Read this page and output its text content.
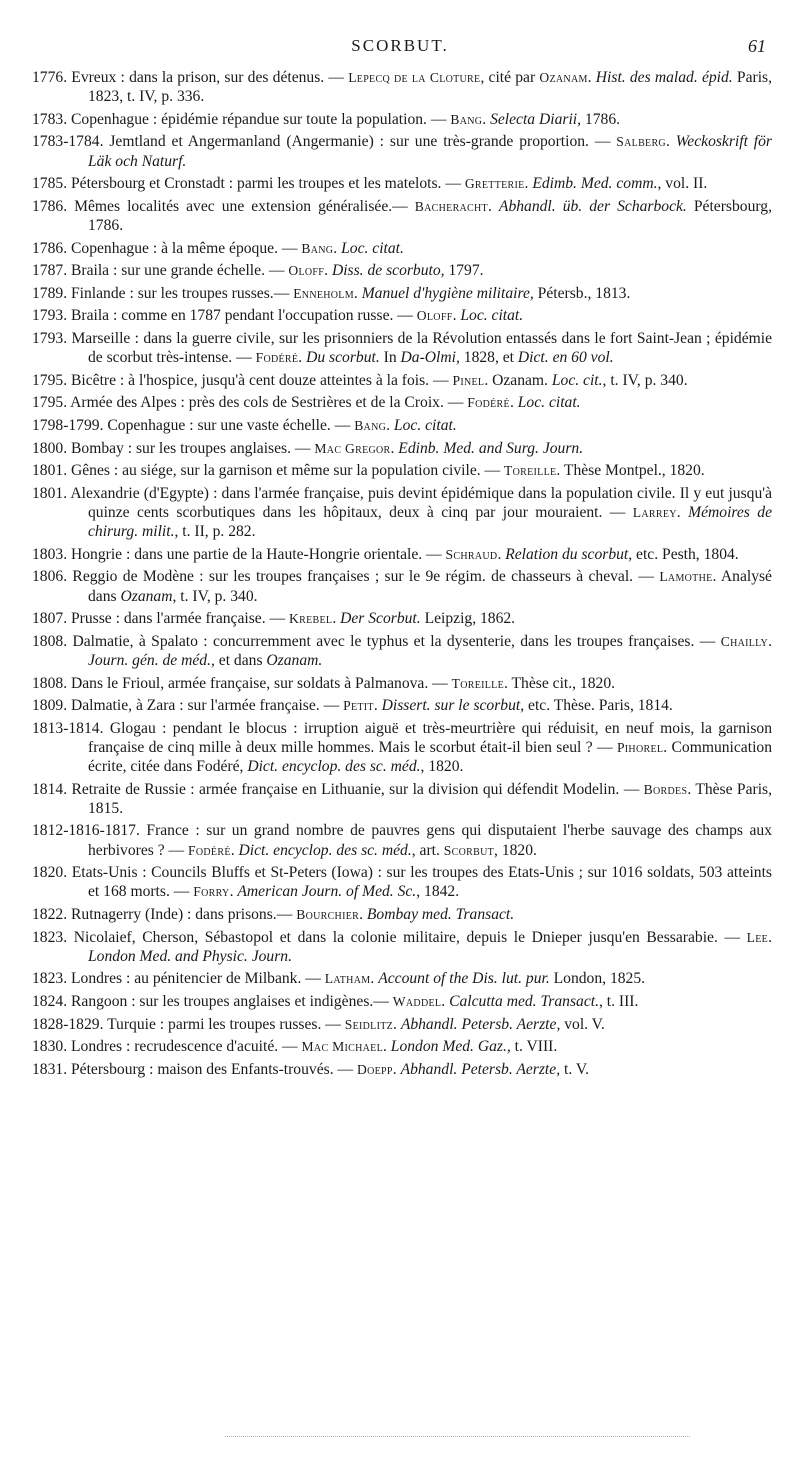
SCORBUT.	61

1776. Evreux : dans la prison, sur des détenus. — Lepecq de la Cloture, cité par Ozanam. Hist. des malad. épid. Paris, 1823, t. IV, p. 336.

1783. Copenhague : épidémie répandue sur toute la population. — Bang. Selecta Diarii, 1786.

1783-1784. Jemtland et Angermanland (Angermanie) : sur une très-grande proportion. — Salberg. Weckoskrift för Läk och Naturf.

1785. Pétersbourg et Cronstadt : parmi les troupes et les matelots. — Gretterie. Edimb. Med. comm., vol. II.

1786. Mêmes localités avec une extension généralisée.— Bacheracht. Abhandl. üb. der Scharbock. Pétersbourg, 1786.

1786. Copenhague : à la même époque. — Bang. Loc. citat.

1787. Braila : sur une grande échelle. — Oloff. Diss. de scorbuto, 1797.

1789. Finlande : sur les troupes russes.— Enneholm. Manuel d'hygiène militaire, Pétersb., 1813.

1793. Braila : comme en 1787 pendant l'occupation russe. — Oloff. Loc. citat.

1793. Marseille : dans la guerre civile, sur les prisonniers de la Révolution entassés dans le fort Saint-Jean ; épidémie de scorbut très-intense. — Fodéré. Du scorbut. In Da-Olmi, 1828, et Dict. en 60 vol.

1795. Bicêtre : à l'hospice, jusqu'à cent douze atteintes à la fois. — Pinel. Ozanam. Loc. cit., t. IV, p. 340.

1795. Armée des Alpes : près des cols de Sestrières et de la Croix. — Fodéré. Loc. citat.

1798-1799. Copenhague : sur une vaste échelle. — Bang. Loc. citat.

1800. Bombay : sur les troupes anglaises. — Mac Gregor. Edinb. Med. and Surg. Journ.

1801. Gênes : au siége, sur la garnison et même sur la population civile. — Toreille. Thèse Montpel., 1820.

1801. Alexandrie (d'Egypte) : dans l'armée française, puis devint épidémique dans la population civile. Il y eut jusqu'à quinze cents scorbutiques dans les hôpitaux, deux à cinq par jour mouraient. — Larrey. Mémoires de chirurg. milit., t. II, p. 282.

1803. Hongrie : dans une partie de la Haute-Hongrie orientale. — Schraud. Relation du scorbut, etc. Pesth, 1804.

1806. Reggio de Modène : sur les troupes françaises ; sur le 9e régim. de chasseurs à cheval. — Lamothe. Analysé dans Ozanam, t. IV, p. 340.

1807. Prusse : dans l'armée française. — Krebel. Der Scorbut. Leipzig, 1862.

1808. Dalmatie, à Spalato : concurremment avec le typhus et la dysenterie, dans les troupes françaises. — Chailly. Journ. gén. de méd., et dans Ozanam.

1808. Dans le Frioul, armée française, sur soldats à Palmanova. — Toreille. Thèse cit., 1820.

1809. Dalmatie, à Zara : sur l'armée française. — Petit. Dissert. sur le scorbut, etc. Thèse. Paris, 1814.

1813-1814. Glogau : pendant le blocus : irruption aiguë et très-meurtrière qui réduisit, en neuf mois, la garnison française de cinq mille à deux mille hommes. Mais le scorbut était-il bien seul ? — Pihorel. Communication écrite, citée dans Fodéré, Dict. encyclop. des sc. méd., 1820.

1814. Retraite de Russie : armée française en Lithuanie, sur la division qui défendit Modelin. — Bordes. Thèse Paris, 1815.

1812-1816-1817. France : sur un grand nombre de pauvres gens qui disputaient l'herbe sauvage des champs aux herbivores ? — Fodéré. Dict. encyclop. des sc. méd., art. Scorbut, 1820.

1820. Etats-Unis : Councils Bluffs et St-Peters (Iowa) : sur les troupes des Etats-Unis ; sur 1016 soldats, 503 atteints et 168 morts. — Forry. American Journ. of Med. Sc., 1842.

1822. Rutnagerry (Inde) : dans prisons.— Bourchier. Bombay med. Transact.

1823. Nicolaief, Cherson, Sébastopol et dans la colonie militaire, depuis le Dnieper jusqu'en Bessarabie. — Lee. London Med. and Physic. Journ.

1823. Londres : au pénitencier de Milbank. — Latham. Account of the Dis. lut. pur. London, 1825.

1824. Rangoon : sur les troupes anglaises et indigènes.— Waddel. Calcutta med. Transact., t. III.

1828-1829. Turquie : parmi les troupes russes. — Seidlitz. Abhandl. Petersb. Aerzte, vol. V.

1830. Londres : recrudescence d'acuité. — Mac Michael. London Med. Gaz., t. VIII.

1831. Pétersbourg : maison des Enfants-trouvés. — Doepp. Abhandl. Petersb. Aerzte, t. V.
